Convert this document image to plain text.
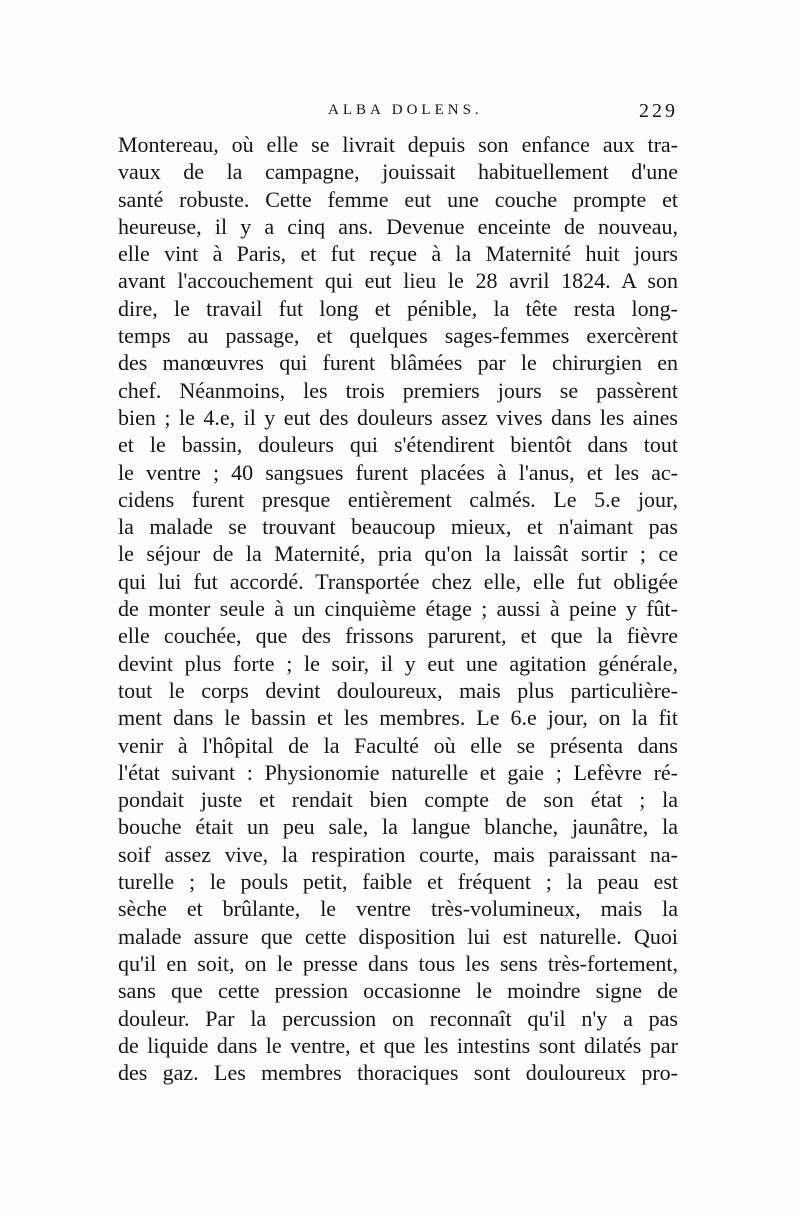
ALBA DOLENS.	229
Montereau, où elle se livrait depuis son enfance aux tra-
vaux de la campagne, jouissait habituellement d'une
santé robuste. Cette femme eut une couche prompte et
heureuse, il y a cinq ans. Devenue enceinte de nouveau,
elle vint à Paris, et fut reçue à la Maternité huit jours
avant l'accouchement qui eut lieu le 28 avril 1824. A son
dire, le travail fut long et pénible, la tête resta long-
temps au passage, et quelques sages-femmes exercèrent
des manœuvres qui furent blâmées par le chirurgien en
chef. Néanmoins, les trois premiers jours se passèrent
bien ; le 4.e, il y eut des douleurs assez vives dans les aines
et le bassin, douleurs qui s'étendirent bientôt dans tout
le ventre ; 40 sangsues furent placées à l'anus, et les ac-
cidens furent presque entièrement calmés. Le 5.e jour,
la malade se trouvant beaucoup mieux, et n'aimant pas
le séjour de la Maternité, pria qu'on la laissât sortir ; ce
qui lui fut accordé. Transportée chez elle, elle fut obligée
de monter seule à un cinquième étage ; aussi à peine y fût-
elle couchée, que des frissons parurent, et que la fièvre
devint plus forte ; le soir, il y eut une agitation générale,
tout le corps devint douloureux, mais plus particulière-
ment dans le bassin et les membres. Le 6.e jour, on la fit
venir à l'hôpital de la Faculté où elle se présenta dans
l'état suivant : Physionomie naturelle et gaie ; Lefèvre ré-
pondait juste et rendait bien compte de son état ; la
bouche était un peu sale, la langue blanche, jaunâtre, la
soif assez vive, la respiration courte, mais paraissant na-
turelle ; le pouls petit, faible et fréquent ; la peau est
sèche et brûlante, le ventre très-volumineux, mais la
malade assure que cette disposition lui est naturelle. Quoi
qu'il en soit, on le presse dans tous les sens très-fortement,
sans que cette pression occasionne le moindre signe de
douleur. Par la percussion on reconnaît qu'il n'y a pas
de liquide dans le ventre, et que les intestins sont dilatés par
des gaz. Les membres thoraciques sont douloureux pro-
